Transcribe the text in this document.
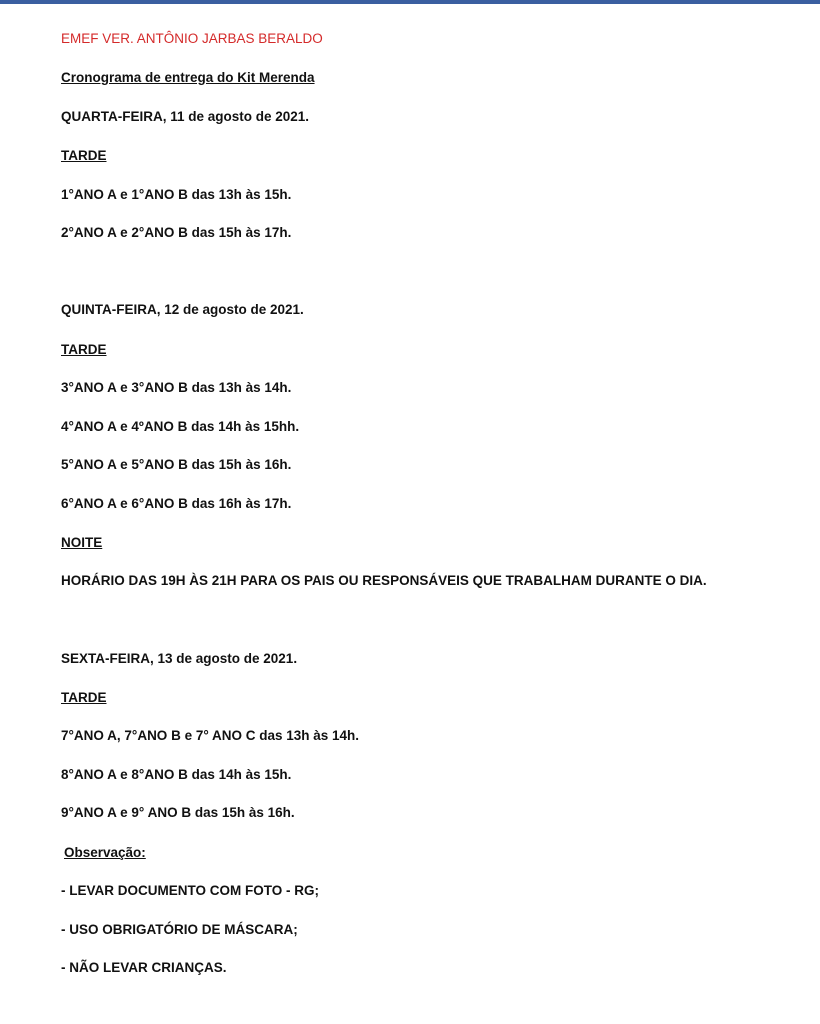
EMEF VER. ANTÔNIO JARBAS BERALDO
Cronograma de entrega do Kit Merenda
QUARTA-FEIRA, 11 de agosto de 2021.
TARDE
1°ANO A e 1°ANO B das 13h às 15h.
2°ANO A e 2°ANO B das 15h às 17h.
QUINTA-FEIRA, 12 de agosto de 2021.
TARDE
3°ANO A e 3°ANO B das 13h às 14h.
4°ANO A e 4ºANO B das 14h às 15hh.
5°ANO A e 5°ANO B das 15h às 16h.
6°ANO A e 6°ANO B das 16h às 17h.
NOITE
HORÁRIO DAS 19H ÀS 21H PARA OS PAIS OU RESPONSÁVEIS QUE TRABALHAM DURANTE O DIA.
SEXTA-FEIRA, 13 de agosto de 2021.
TARDE
7°ANO A, 7°ANO B e 7° ANO C das 13h às 14h.
8°ANO A e 8°ANO B das 14h às 15h.
9°ANO A e 9° ANO B das 15h às 16h.
Observação:
- LEVAR DOCUMENTO COM FOTO - RG;
- USO OBRIGATÓRIO DE MÁSCARA;
- NÃO LEVAR CRIANÇAS.
